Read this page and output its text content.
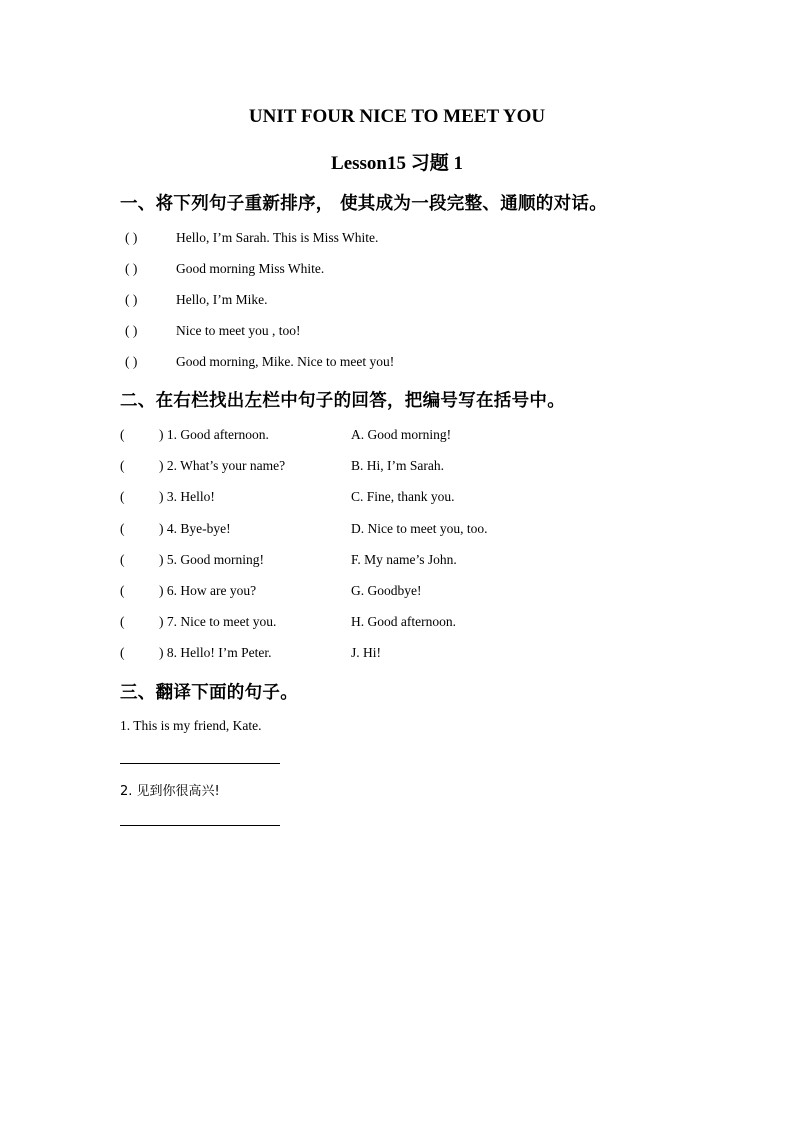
UNIT FOUR NICE TO MEET YOU
Lesson15 习题 1
一、将下列句子重新排序， 使其成为一段完整、通顺的对话。
( )	Hello, I’m Sarah. This is Miss White.
( )	Good morning Miss White.
( )	Hello, I’m Mike.
( )	Nice to meet you , too!
( )	Good morning, Mike. Nice to meet you!
二、在右栏找出左栏中句子的回答，把编号写在括号中。
(	) 1. Good afternoon.	A. Good morning!
(	) 2. What’s your name?	B. Hi, I’m Sarah.
(	) 3. Hello!	C. Fine, thank you.
(	) 4. Bye-bye!	D. Nice to meet you, too.
(	) 5. Good morning!	F. My name’s John.
(	) 6. How are you?	G. Goodbye!
(	) 7. Nice to meet you.	H. Good afternoon.
(	) 8. Hello! I’m Peter.	J. Hi!
三、翻译下面的句子。
1. This is my friend, Kate.
2. 见到你很高兴!
